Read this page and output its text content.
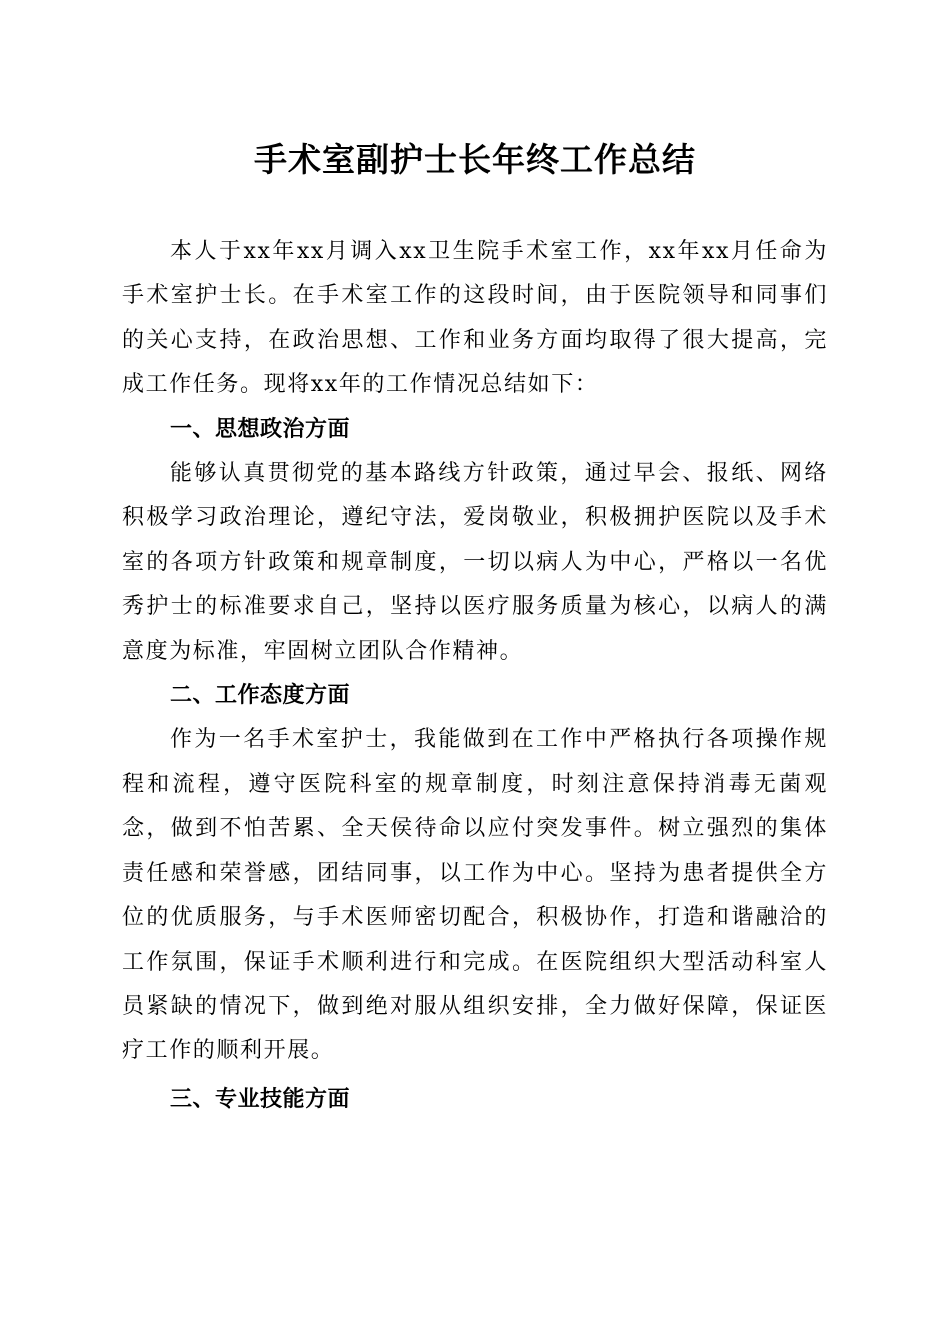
手术室副护士长年终工作总结

本人于xx年xx月调入xx卫生院手术室工作，xx年xx月任命为手术室护士长。在手术室工作的这段时间，由于医院领导和同事们的关心支持，在政治思想、工作和业务方面均取得了很大提高，完成工作任务。现将xx年的工作情况总结如下：

一、思想政治方面

能够认真贯彻党的基本路线方针政策，通过早会、报纸、网络积极学习政治理论，遵纪守法，爱岗敬业，积极拥护医院以及手术室的各项方针政策和规章制度，一切以病人为中心，严格以一名优秀护士的标准要求自己，坚持以医疗服务质量为核心，以病人的满意度为标准，牢固树立团队合作精神。

二、工作态度方面

作为一名手术室护士，我能做到在工作中严格执行各项操作规程和流程，遵守医院科室的规章制度，时刻注意保持消毒无菌观念，做到不怕苦累、全天侯待命以应付突发事件。树立强烈的集体责任感和荣誉感，团结同事，以工作为中心。坚持为患者提供全方位的优质服务，与手术医师密切配合，积极协作，打造和谐融洽的工作氛围，保证手术顺利进行和完成。在医院组织大型活动科室人员紧缺的情况下，做到绝对服从组织安排，全力做好保障，保证医疗工作的顺利开展。

三、专业技能方面
